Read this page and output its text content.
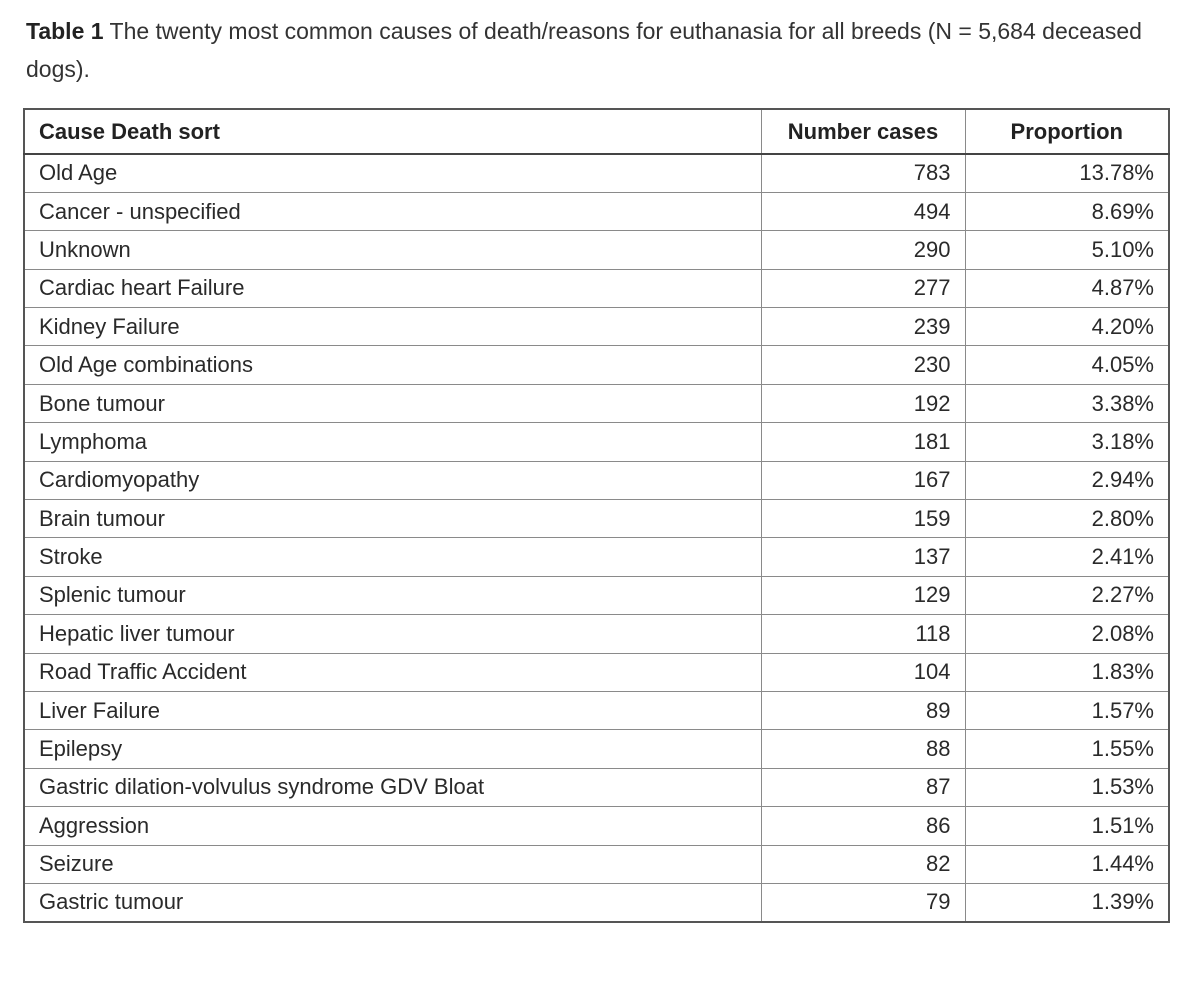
Table 1 The twenty most common causes of death/reasons for euthanasia for all breeds (N = 5,684 deceased dogs).
Cause Death sort	Number cases	Proportion
Old Age	783	13.78%
Cancer - unspecified	494	8.69%
Unknown	290	5.10%
Cardiac heart Failure	277	4.87%
Kidney Failure	239	4.20%
Old Age combinations	230	4.05%
Bone tumour	192	3.38%
Lymphoma	181	3.18%
Cardiomyopathy	167	2.94%
Brain tumour	159	2.80%
Stroke	137	2.41%
Splenic tumour	129	2.27%
Hepatic liver tumour	118	2.08%
Road Traffic Accident	104	1.83%
Liver Failure	89	1.57%
Epilepsy	88	1.55%
Gastric dilation-volvulus syndrome GDV Bloat	87	1.53%
Aggression	86	1.51%
Seizure	82	1.44%
Gastric tumour	79	1.39%
